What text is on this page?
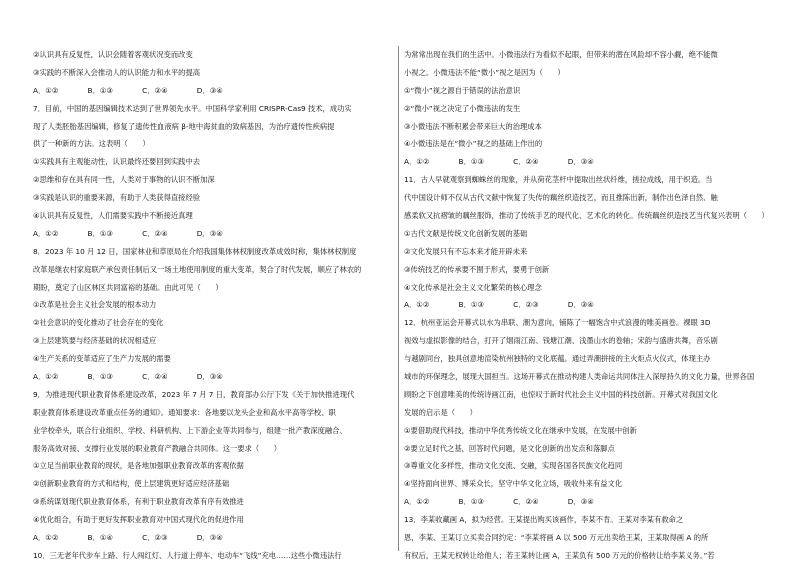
②认识具有反复性，认识会随着客观状况变而改变
③实践的不断深入会推动人的认识能力和水平的提高
A．①②　　　　B．①③　　　　C．②④　　　　D．③④
7．目前，中国的基因编辑技术达到了世界领先水平。中国科学家利用 CRISPR-Cas9 技术，成功实
现了人类胚胎基因编辑，修复了遗传性血液病 β-地中海贫血的致病基因，为治疗遗传性疾病提
供了一种新的方法。这表明（　　）
①实践具有主观能动性，认识最终还要回到实践中去
②思维和存在具有同一性，人类对于事物的认识不断加深
③实践是认识的重要来源，有助于人类获得直接经验
④认识具有反复性，人们需要实践中不断接近真理
A．①②　　　　B．①③　　　　C．②④　　　　D．③④
8．2023 年 10 月 12 日，国家林业和草原局在介绍我国集体林权制度改革成效时称，集体林权制度
改革是继农村家庭联产承包责任制后又一场土地使用制度的重大变革，契合了时代发展，顺应了林农的
期盼，奠定了山区林区共同富裕的基础。由此可见（　　）
①改革是社会主义社会发展的根本动力
②社会意识的变化推动了社会存在的变化
③上层建筑要与经济基础的状况相适应
④生产关系的变革适应了生产力发展的需要
A．①②　　　　B．①③　　　　C．②④　　　　D．③④
9．为推进现代职业教育体系建设改革，2023 年 7 月 7 日，教育部办公厅下发《关于加快推进现代
职业教育体系建设改革重点任务的通知》。通知要求：各地要以龙头企业和高水平高等学校、职
业学校牵头，联合行业组织、学校、科研机构、上下游企业等共同参与，组建一批产教深度融合、
服务高效对接、支撑行业发展的职业教育产教融合共同体。这一要求（　　）
①立足当前职业教育的现状，是各地加强职业教育改革的客观依据
②创新职业教育的方式和结构，使上层建筑更好适应经济基础
③系统谋划现代职业教育体系，有利于职业教育改革有序有效推进
④优化组合，有助于更好发挥职业教育对中国式现代化的促进作用
A．①②　　　　B．①④　　　　C．②③　　　　D．③④
10．三无老年代步车上路、行人闯红灯、人行道上停车、电动车“飞线”充电……这些小微违法行
为常常出现在我们的生活中。小微违法行为看似不起眼，但带来的潜在风险却不容小觑，绝不能微
小视之。小微违法不能“微小”视之是因为（　　）
①“微小”视之源自于错误的法治意识
②“微小”视之决定了小微违法的发生
③小微违法不断积累会带来巨大的治理成本
④小微违法是在“微小”视之的基础上作出的
A．①②　　　　B．①③　　　　C．②④　　　　D．③④
11．古人早就观察到蜘蛛丝的现象，并从荷花茎杆中提取出丝状纤维，搓拉成线，用于织造。当
代中国设计师不仅从古代文献中恢复了失传的藕丝织造技艺，而且推陈出新，制作出色泽自然、触
感柔软又抗褶皱的藕丝服饰，推动了传统手艺的现代化、艺术化的转化。传统藕丝织造技艺当代复兴表明（　　）
①古代文献是传统文化创新发展的基础
②文化发展只有不忘本来才能开辟未来
③传统技艺的传承要不囿于形式，要勇于创新
④文化传承是社会主义文化繁荣的核心理念
A．①②　　　　B．①③　　　　C．②③　　　　D．③④
12．杭州亚运会开幕式以水为串联、潮为意向，铺陈了一幅饱含中式浪漫的唯美画卷。裸眼 3D
视效与虚拟影像的结合，打开了烟雨江南、钱塘江潮、浅墨山水的卷轴；宋韵与盛唐共舞，音乐剧
与越剧同台，独具创意地渲染杭州独特的文化底蕴。通过弄潮拼接的主火炬点火仪式，体现主办
城市的环保理念，展现大国担当。这场开幕式在推动构建人类命运共同体注入深厚持久的文化力量，世界各国
顾盼之下创意唯美的传统诗画江南，也惊叹于新时代社会主义中国的科技创新。开幕式对我国文化
发展的启示是（　　）
①要借助现代科技，推动中华优秀传统文化在继承中发展，在发展中创新
②要立足时代之基，回答时代问题，是文化创新的出发点和落脚点
③尊重文化多样性，推动文化交流、交融，实现各国各民族文化趋同
④坚持面向世界、博采众长，坚守中华文化立场，吸收外来有益文化
A．①②　　　　B．①③　　　　C．②④　　　　D．③④
13．李某收藏画 A，拟为经营。王某提出购买该画作，李某不肯。王某对李某有救命之
恩，李某、王某订立买卖合同约定：“李某将画 A 以 500 万元出卖给王某，王某取得画 A 的所
有权后，王某无权转让给他人；若王某转让画 A，王某负有 500 万元的价格转让给李某义务。”若
